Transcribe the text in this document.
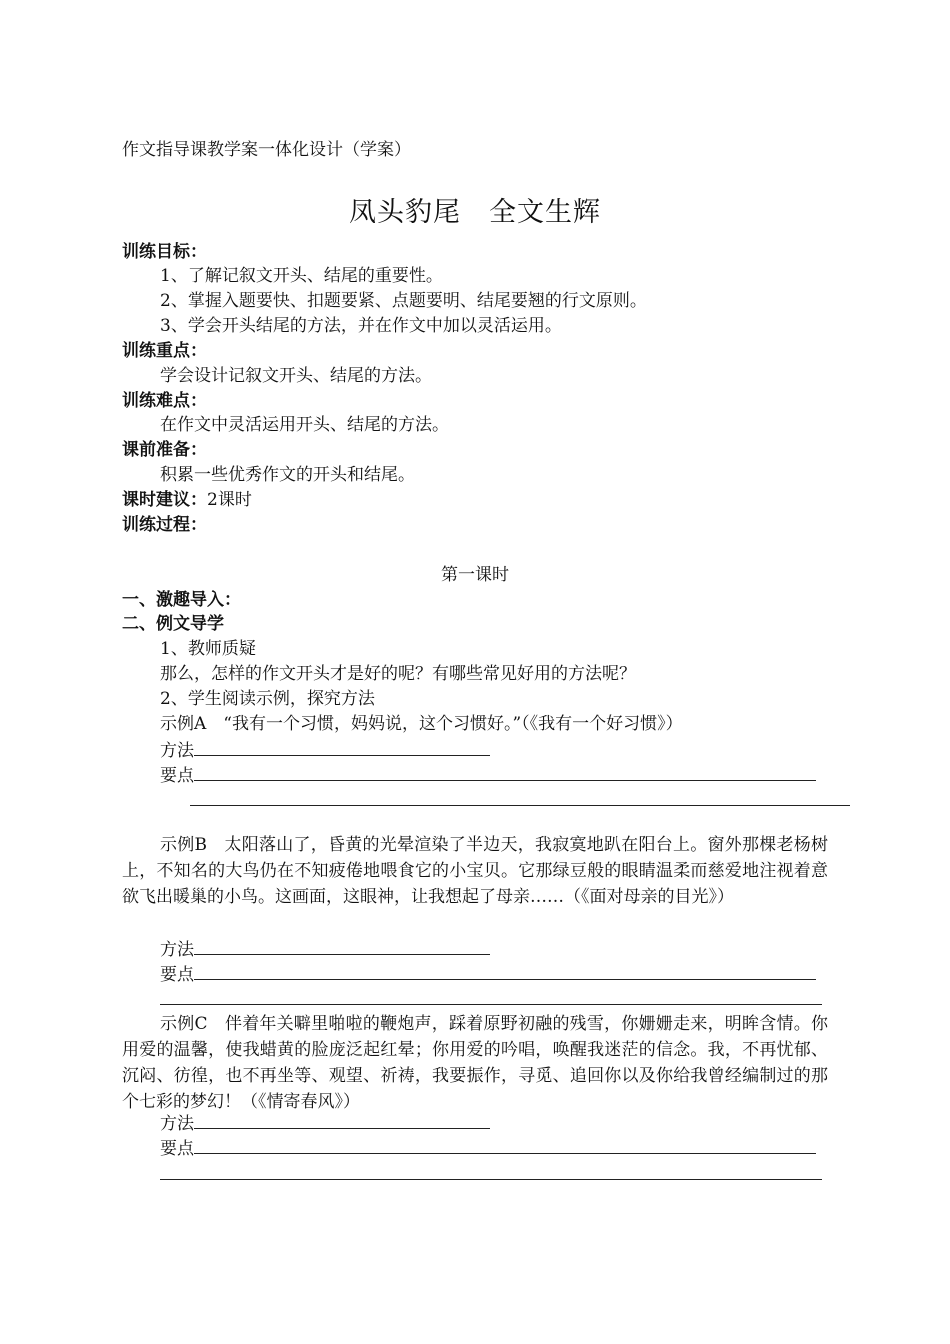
作文指导课教学案一体化设计（学案）
凤头豹尾　全文生辉
训练目标：
1、了解记叙文开头、结尾的重要性。
2、掌握入题要快、扣题要紧、点题要明、结尾要翘的行文原则。
3、学会开头结尾的方法，并在作文中加以灵活运用。
训练重点：
学会设计记叙文开头、结尾的方法。
训练难点：
在作文中灵活运用开头、结尾的方法。
课前准备：
积累一些优秀作文的开头和结尾。
课时建议：2课时
训练过程：
第一课时
一、激趣导入：
二、例文导学
1、教师质疑
那么，怎样的作文开头才是好的呢？有哪些常见好用的方法呢？
2、学生阅读示例，探究方法
示例A　“我有一个习惯，妈妈说，这个习惯好。”（《我有一个好习惯》）
方法
要点
示例B　太阳落山了，昏黄的光晕渲染了半边天，我寂寞地趴在阳台上。窗外那棵老杨树上，不知名的大鸟仍在不知疲倦地喂食它的小宝贝。它那绿豆般的眼睛温柔而慈爱地注视着意欲飞出暖巢的小鸟。这画面，这眼神，让我想起了母亲……（《面对母亲的目光》）
方法
要点
示例C　伴着年关噼里啪啦的鞭炮声，踩着原野初融的残雪，你姗姗走来，明眸含情。你用爱的温馨，使我蜡黄的脸庞泛起红晕；你用爱的吟唱，唤醒我迷茫的信念。我，不再忧郁、沉闷、彷徨，也不再坐等、观望、祈祷，我要振作，寻觅、追回你以及你给我曾经编制过的那个七彩的梦幻！（《情寄春风》）
方法
要点
